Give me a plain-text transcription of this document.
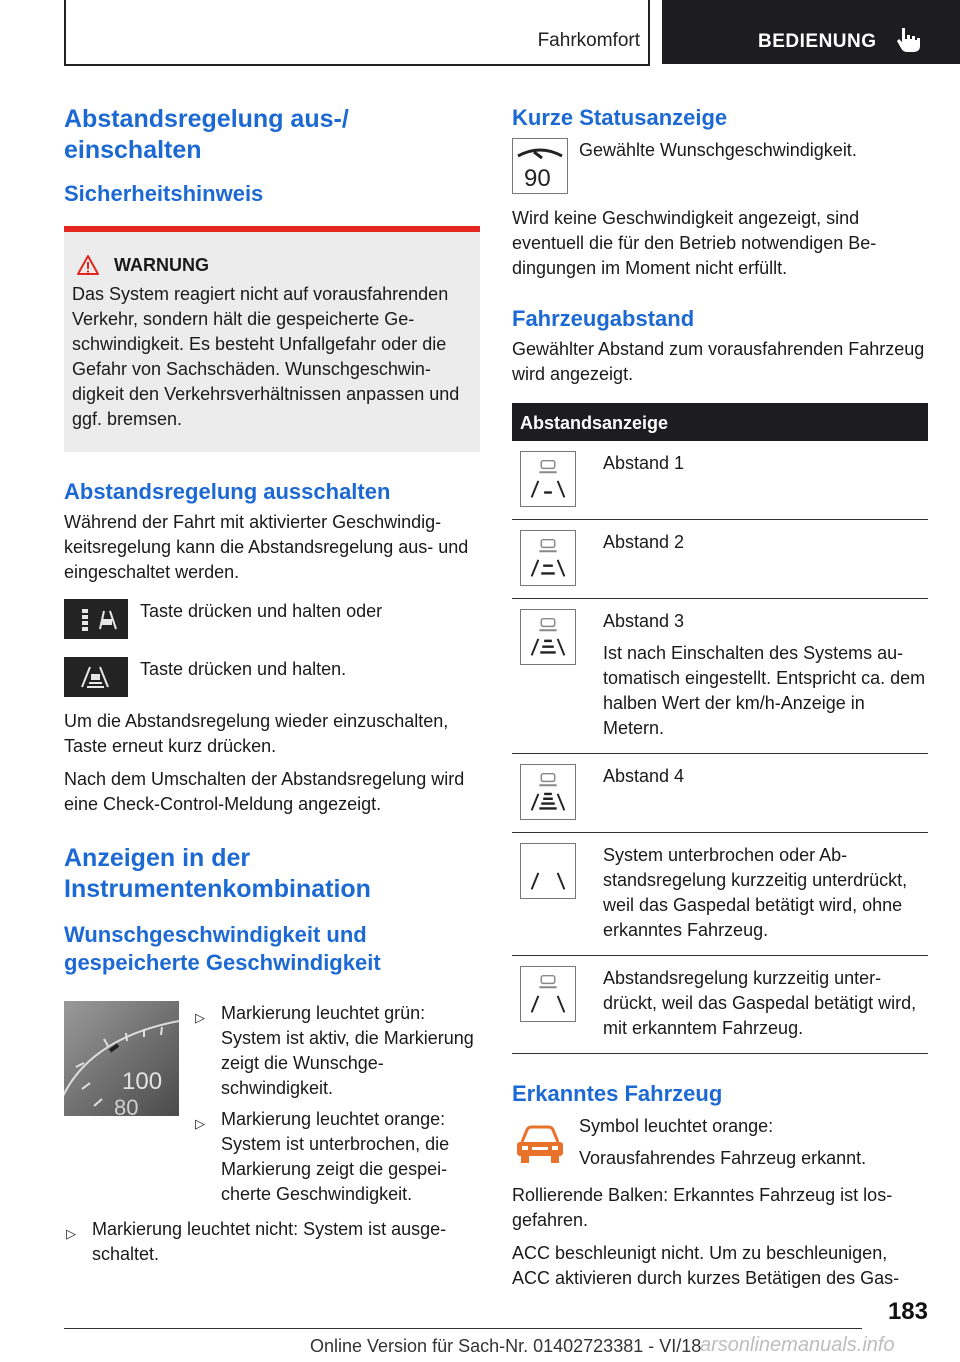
Fahrkomfort	BEDIENUNG
Abstandsregelung aus-/ einschalten
Sicherheitshinweis
WARNUNG

Das System reagiert nicht auf vorausfahrenden Verkehr, sondern hält die gespeicherte Geschwindigkeit. Es besteht Unfallgefahr oder die Gefahr von Sachschäden. Wunschgeschwindigkeit den Verkehrsverhältnissen anpassen und ggf. bremsen.

Abstandsregelung ausschalten

Während der Fahrt mit aktivierter Geschwindigkeitsregelung kann die Abstandsregelung aus- und eingeschaltet werden.

Taste drücken und halten oder

Taste drücken und halten.

Um die Abstandsregelung wieder einzuschalten, Taste erneut kurz drücken.

Nach dem Umschalten der Abstandsregelung wird eine Check-Control-Meldung angezeigt.

Anzeigen in der Instrumentenkombination
Wunschgeschwindigkeit und gespeicherte Geschwindigkeit
100
80
▷ Markierung leuchtet grün: System ist aktiv, die Markierung zeigt die Wunschgeschwindigkeit.
▷ Markierung leuchtet orange: System ist unterbrochen, die Markierung zeigt die gespeicherte Geschwindigkeit.
▷ Markierung leuchtet nicht: System ist ausgeschaltet.
Kurze Statusanzeige
90

Gewählte Wunschgeschwindigkeit.

Wird keine Geschwindigkeit angezeigt, sind eventuell die für den Betrieb notwendigen Bedingungen im Moment nicht erfüllt.

Fahrzeugabstand

Gewählter Abstand zum vorausfahrenden Fahrzeug wird angezeigt.

Abstandsanzeige
Abstand 1
Abstand 2
Abstand 3
Ist nach Einschalten des Systems automatisch eingestellt. Entspricht ca. dem halben Wert der km/h-Anzeige in Metern.
Abstand 4
System unterbrochen oder Abstandsregelung kurzzeitig unterdrückt, weil das Gaspedal betätigt wird, ohne erkanntes Fahrzeug.
Abstandsregelung kurzzeitig unterdrückt, weil das Gaspedal betätigt wird, mit erkanntem Fahrzeug.
Erkanntes Fahrzeug

Symbol leuchtet orange:

Vorausfahrendes Fahrzeug erkannt.

Rollierende Balken: Erkanntes Fahrzeug ist losgefahren.

ACC beschleunigt nicht. Um zu beschleunigen, ACC aktivieren durch kurzes Betätigen des Gas-

183
Online Version für Sach-Nr. 01402723381 - VI/18
arsonlinemanuals.info
